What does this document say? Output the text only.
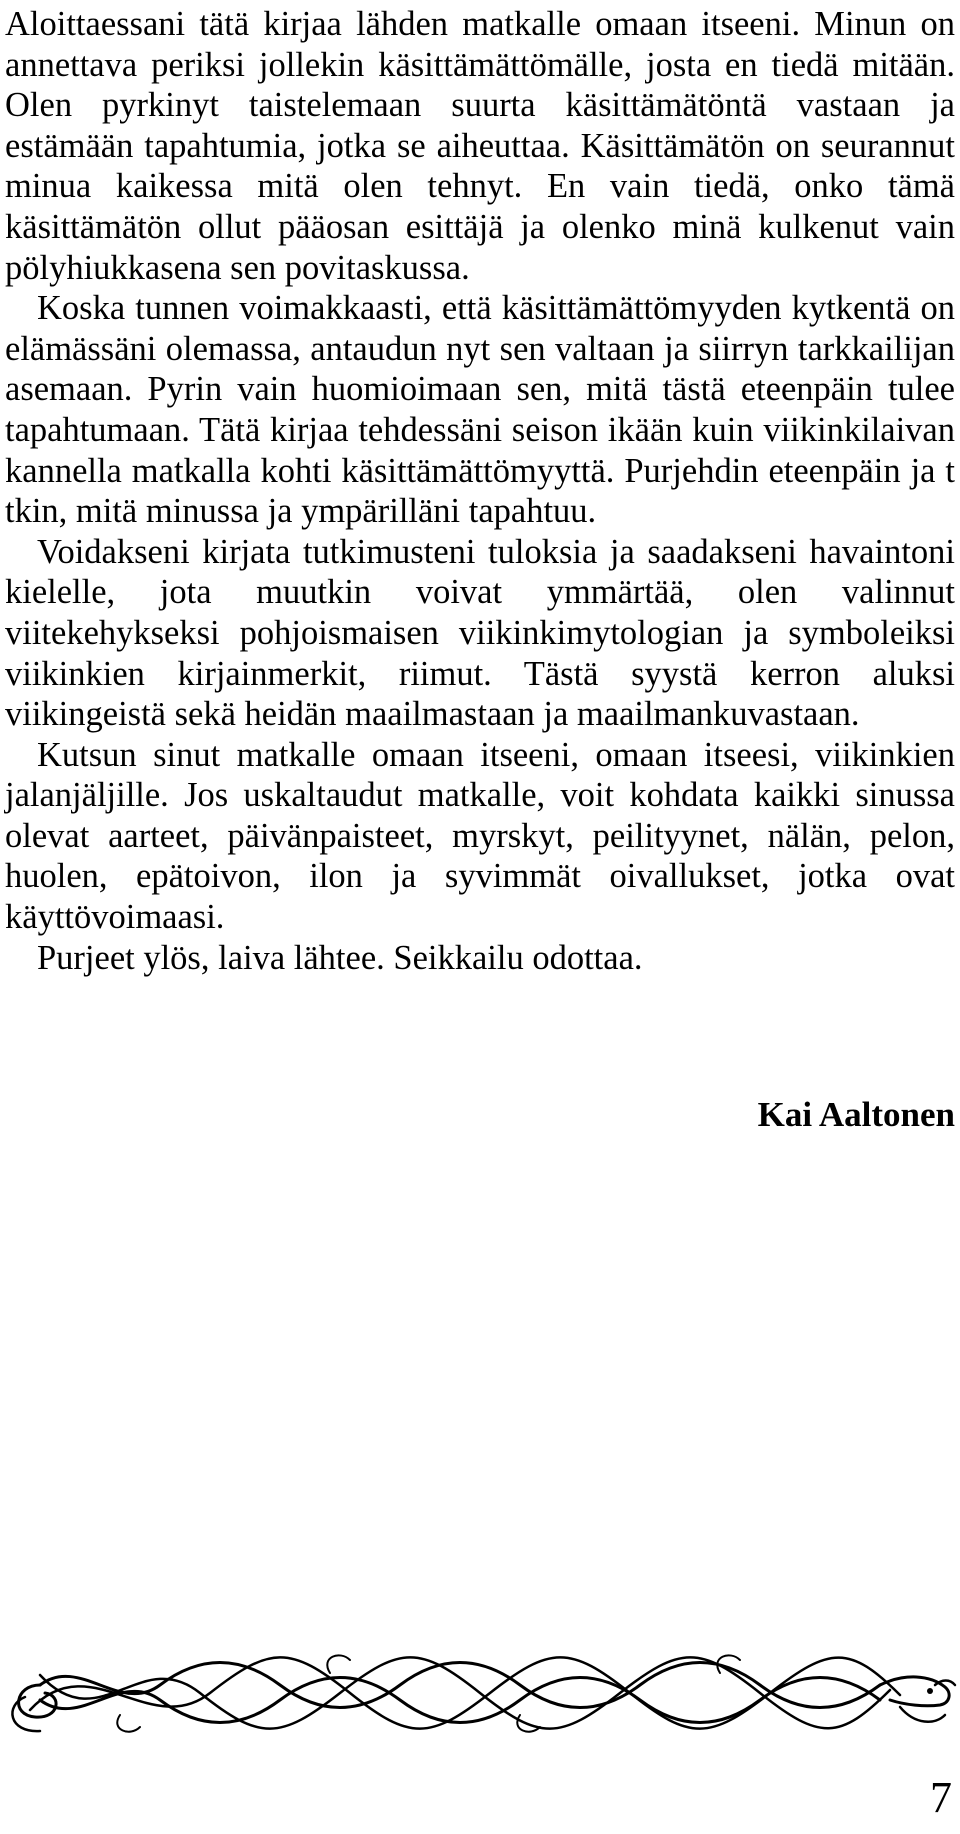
Aloittaessani tätä kirjaa lähden matkalle omaan itseeni. Minun on annettava periksi jollekin käsittämättömälle, josta en tiedä mitään. Olen pyrkinyt taistelemaan suurta käsittämätöntä vastaan ja estämään tapahtumia, jotka se aiheuttaa. Käsittämätön on seurannut minua kaikessa mitä olen tehnyt. En vain tiedä, onko tämä käsittämätön ollut pääosan esittäjä ja olenko minä kulkenut vain pölyhiukkasena sen povitaskussa.

Koska tunnen voimakkaasti, että käsittämättömyyden kytkentä on elämässäni olemassa, antaudun nyt sen valtaan ja siirryn tarkkailijan asemaan. Pyrin vain huomioimaan sen, mitä tästä eteenpäin tulee tapahtumaan. Tätä kirjaa tehdessäni seison ikään kuin viikinkilaivan kannella matkalla kohti käsittämättömyyttä. Purjehdin eteenpäin ja t tkin, mitä minussa ja ympärilläni tapahtuu.

Voidakseni kirjata tutkimusteni tuloksia ja saadakseni havaintoni kielelle, jota muutkin voivat ymmärtää, olen valinnut viitekehykseksi pohjoismaisen viikinkimytologian ja symboleiksi viikinkien kirjainmerkit, riimut. Tästä syystä kerron aluksi viikingeistä sekä heidän maailmastaan ja maailmankuvastaan.

Kutsun sinut matkalle omaan itseeni, omaan itseesi, viikinkien jalanjäljille. Jos uskaltaudut matkalle, voit kohdata kaikki sinussa olevat aarteet, päivänpaisteet, myrskyt, peilityynet, nälän, pelon, huolen, epätoivon, ilon ja syvimmät oivallukset, jotka ovat käyttövoimaasi.

Purjeet ylös, laiva lähtee. Seikkailu odottaa.

Kai Aaltonen
7
